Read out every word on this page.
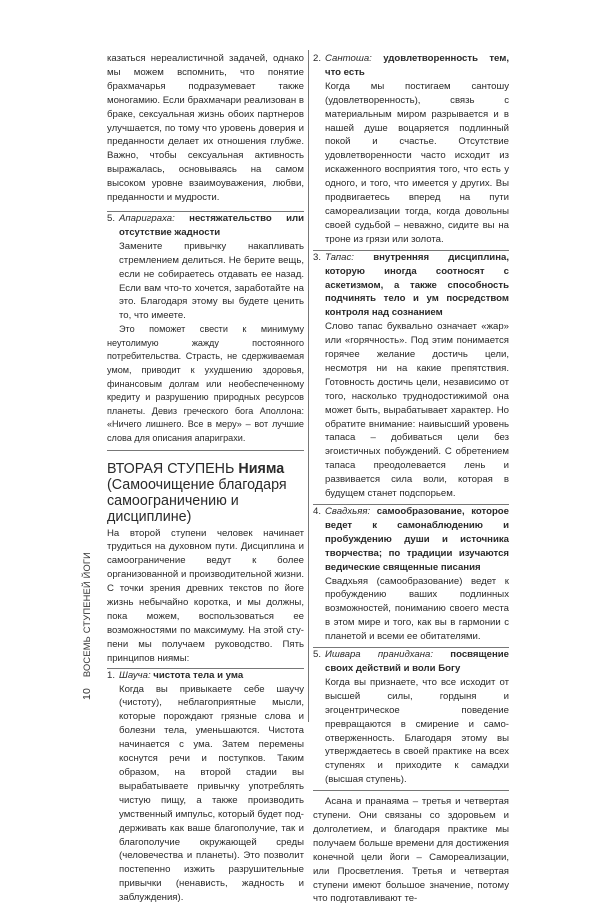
казаться нереалистичной задачей, однако мы можем вспомнить, что понятие брахмачарья подразумевает также моногамию. Если брахмачари реализован в браке, сексуальная жизнь обоих партнеров улучшается, по тому что уровень доверия и преданности делает их отношения глубже. Важно, чтобы сексуальная активность выражалась, основываясь на самом высоком уровне взаимоуважения, любви, преданности и мудрости.

5. Апариграха: нестяжательство или отсутствие жадности

Замените привычку накапливать стремлением делиться. Не берите вещь, если не собираетесь отдавать ее назад. Если вам что-то хочется, заработайте на это. Благодаря этому вы будете ценить то, что имеете.

Это поможет свести к минимуму неутолимую жажду постоянного потребительства. Страсть, не сдерживаемая умом, приводит к ухудшению здоровья, финансовым долгам или необеспеченному кредиту и разрушению природных ресурсов планеты. Девиз греческого бога Аполлона: «Ничего лишнего. Все в меру» – вот лучшие слова для описания апариграхи.

ВТОРАЯ СТУПЕНЬ Нияма
(Самоочищение благодаря самоограничению и дисциплине)

На второй ступени человек начинает трудиться на духовном пути. Дисциплина и самоограничение ведут к более организованной и производительной жизни. С точки зрения древних текстов по йоге жизнь небычайно коротка, и мы должны, пока можем, воспользоваться ее возможностями по максимуму. На этой ступени мы получаем руководство. Пять принципов ниямы:

1. Шауча: чистота тела и ума

Когда вы привыкаете себе шаучу (чистоту), неблагоприятные мысли, которые порождают грязные слова и болезни тела, уменьшаются. Чистота начинается с ума. Затем перемены коснутся речи и поступков. Таким образом, на второй стадии вы вырабатываете привычку употреблять чистую пищу, а также производить умственный импульс, который будет поддерживать как ваше благополучие, так и благополучие окружающей среды (человечества и планеты). Это позволит постепенно изжить разрушительные привычки (ненависть, жадность и заблуждения).

2. Сантоша: удовлетворенность тем, что есть

Когда мы постигаем сантошу (удовлетворенность), связь с материальным миром разрывается и в нашей душе воцаряется подлинный покой и счастье. Отсутствие удовлетворенности часто исходит из искаженного восприятия того, что есть у одного, и того, что имеется у других. Вы продвигаетесь вперед на пути самореализации тогда, когда довольны своей судьбой – неважно, сидите вы на троне из грязи или золота.

3. Тапас: внутренняя дисциплина, которую иногда соотносят с аскетизмом, а также способность подчинять тело и ум посредством контроля над сознанием

Слово тапас буквально означает «жар» или «горячность». Под этим понимается горячее желание достичь цели, несмотря ни на какие препятствия. Готовность достичь цели, независимо от того, насколько труднодостижимой она может быть, вырабатывает характер. Но обратите внимание: наивысший уровень тапаса – добиваться цели без эгоистичных побуждений. С обретением тапаса преодолевается лень и развивается сила воли, которая в будущем станет подспорьем.

4. Свадхьяя: самообразование, которое ведет к самонаблюдению и пробуждению души и источника творчества; по традиции изучаются ведические священные писания

Свадхьяя (самообразование) ведет к пробуждению ваших подлинных возможностей, пониманию своего места в этом мире и того, как вы в гармонии с планетой и всеми ее обитателями.

5. Ишвара пранидхана: посвящение своих действий и воли Богу

Когда вы признаете, что все исходит от высшей силы, гордыня и эгоцентрическое поведение превращаются в смирение и самоотверженность. Благодаря этому вы утверждаетесь в своей практике на всех ступенях и приходите к самадхи (высшая ступень).

Асана и пранаяма – третья и четвертая ступени. Они связаны со здоровьем и долголетием, и благодаря практике мы получаем больше времени для достижения конечной цели йоги – Самореализации, или Просветления. Третья и четвертая ступени имеют большое значение, потому что подготавливают те-

10 ВОСЕМЬ СТУПЕНЕЙ ЙОГИ
